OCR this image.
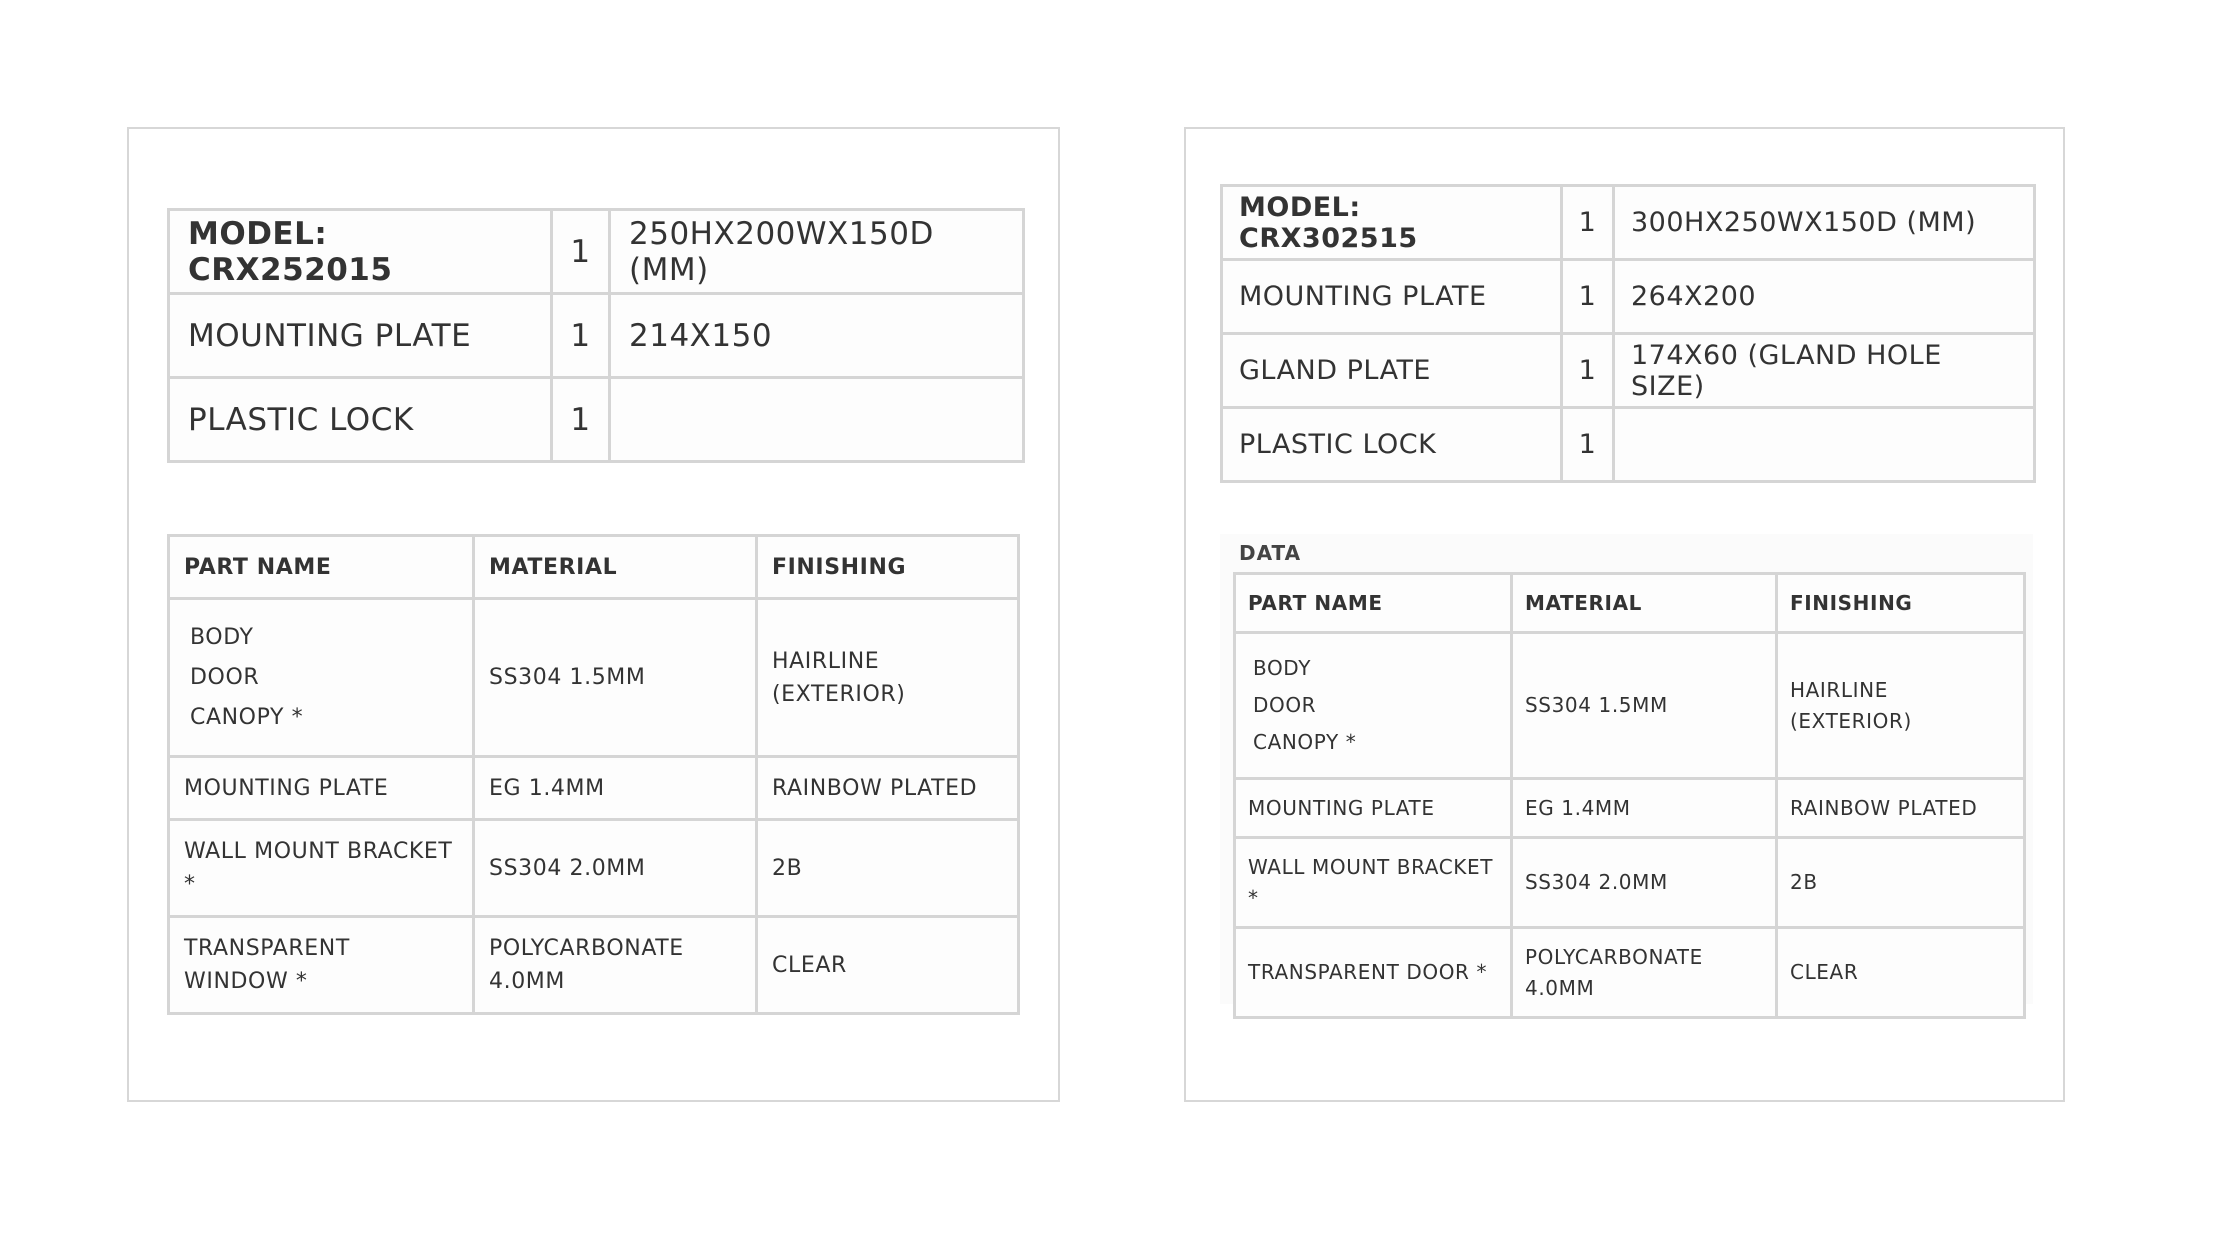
MODEL: CRX252015	1	250HX200WX150D (MM)
MOUNTING PLATE	1	214X150
PLASTIC LOCK	1	
PART NAME	MATERIAL	FINISHING

BODY
DOOR
CANOPY *	SS304 1.5MM	HAIRLINE (EXTERIOR)
MOUNTING PLATE	EG 1.4MM	RAINBOW PLATED
WALL MOUNT BRACKET *	SS304 2.0MM	2B
TRANSPARENT WINDOW *	POLYCARBONATE 4.0MM	CLEAR
MODEL: CRX302515	1	300HX250WX150D (MM)
MOUNTING PLATE	1	264X200
GLAND PLATE	1	174X60 (GLAND HOLE SIZE)
PLASTIC LOCK	1	
DATA
PART NAME	MATERIAL	FINISHING

BODY
DOOR
CANOPY *	SS304 1.5MM	HAIRLINE (EXTERIOR)
MOUNTING PLATE	EG 1.4MM	RAINBOW PLATED
WALL MOUNT BRACKET *	SS304 2.0MM	2B
TRANSPARENT DOOR *	POLYCARBONATE 4.0MM	CLEAR
